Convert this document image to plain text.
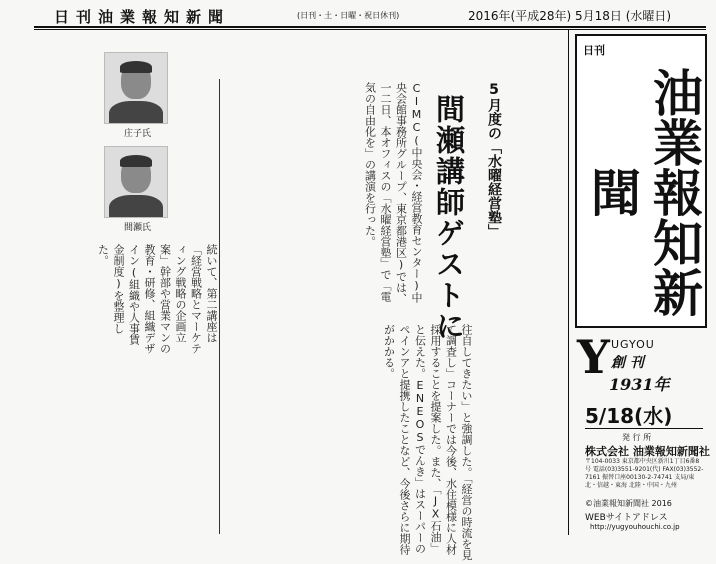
日刊油業報知新聞	(日刊・土・日曜・祝日休刊)	2016年(平成28年) 5月18日 (水曜日)
5月度の「水曜経営塾」
間瀬講師ゲストに
CIMC(中央会・経営教育センター)中央会館事務所グループ、東京都港区)では、一二日、本オフィスの「水曜経営塾」で「電気の自由化を」の講演を行った。
往自してきたい」と強調した。「経営の時流を見て調査し」コーナーでは今後、水住模様に人材採用することを提案した。また、「JX石油」と伝えた。ENEOSでんき」はスーパーのペインアと提携したことなど、今後さらに期待がかかる。
続いて、第二講座は「経営戦略とマーケティング戦略の企画立案」幹部や営業マンの教育・研修、組織デザイン(組織や人事賃金制度)を整理した。
庄子氏
間瀬氏
日刊
油業報知新聞
Y UGYOU
創 刊
1931年
5/18(水)
発 行 所
株式会社 油業報知新聞社
〒104-0033 東京都中央区新川1丁目6番8号 電話(03)3551-9201(代) FAX(03)3552-7161 振替口座00130-2-74741 支局/東北・信越・東海 北陸・中国・九州
©油業報知新聞社 2016
WEBサイトアドレス
http://yugyouhouchi.co.jp
